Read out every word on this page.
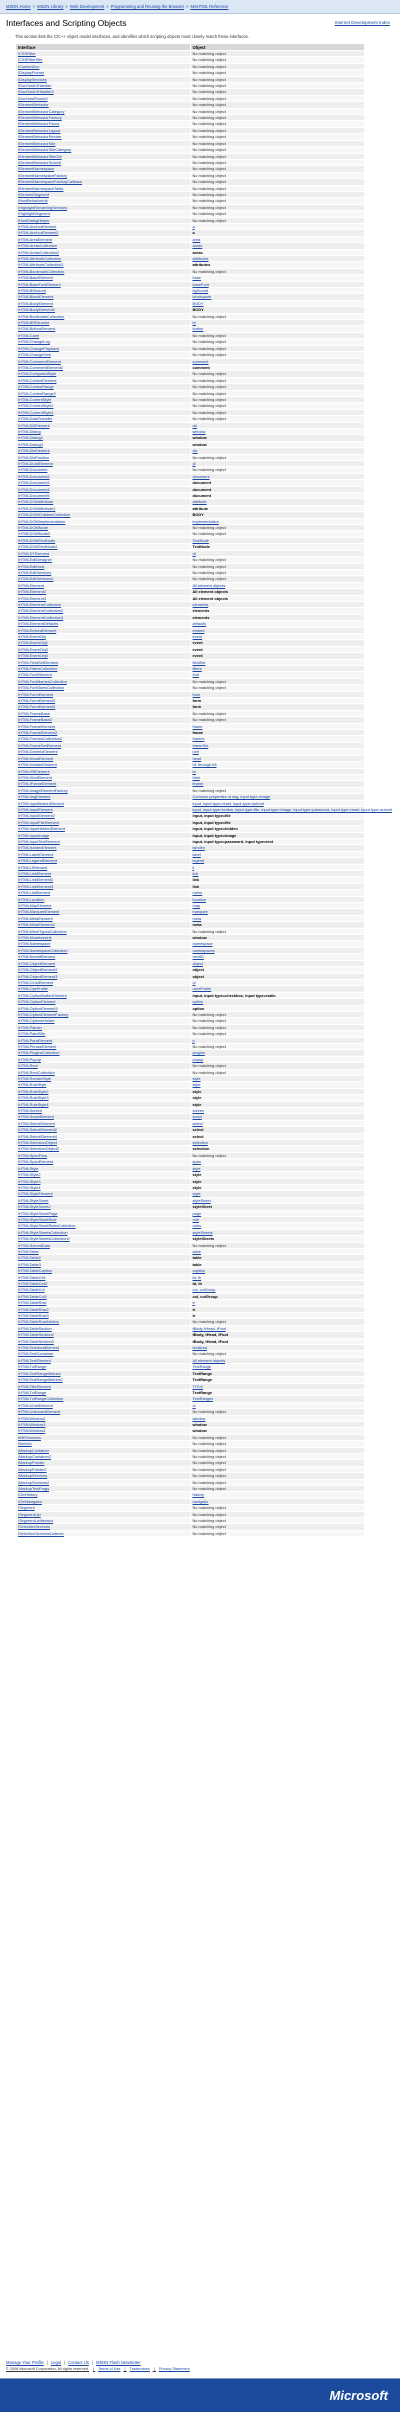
MSDN Home > MSDN Library > Web Development > Programming and Reusing the Browser > MSHTML Reference
Interfaces and Scripting Objects	Internet Development Index
This section lists the C/C++ object model interfaces, and identifies which scripting objects most closely match these interfaces.
Interface	Object
ICSSFilter	No matching object
ICSSFilterSite	No matching object
ICustomDoc	No matching object
IDisplayPointer	No matching object
IDisplayServices	No matching object
IDocHostUIHandler	No matching object
IDocHostUIHandler2	No matching object
IDocHostShowUI	No matching object
IElementBehavior	No matching object
IElementBehaviorCategory	No matching object
IElementBehaviorFactory	No matching object
IElementBehaviorFocus	No matching object
IElementBehaviorLayout	No matching object
IElementBehaviorRender	No matching object
IElementBehaviorSite	No matching object
IElementBehaviorSiteCategory	No matching object
IElementBehaviorSiteOM	No matching object
IElementBehaviorSubmit	No matching object
IElementNamespace	No matching object
IElementNamespaceFactory	No matching object
IElementNamespaceFactoryCallback	No matching object
IElementNamespaceTable	No matching object
IElementSegment	No matching object
IHostBehaviorInit	No matching object
IHighlightRenderingServices	No matching object
IHighlightSegment	No matching object
IHostDialogHelper	No matching object
IHTMLAnchorElement	a
IHTMLAnchorElement2	a
IHTMLAreaElement	area
IHTMLAreasCollection	areas
IHTMLAreasCollection2	areas
IHTMLAttributeCollection	attributes
IHTMLAttributeCollection2	attributes
IHTMLBookmarkCollection	No matching object
IHTMLBaseElement	base
IHTMLBaseFontElement	baseFont
IHTMLBGsound	bgSound
IHTMLBlockElement	blockquote
IHTMLBodyElement	BODY
IHTMLBodyElement2	BODY
IHTMLBookmarkCollection	No matching object
IHTMLBRElement	br
IHTMLButtonElement	button
IHTMLCaret	No matching object
IHTMLChangeLog	No matching object
IHTMLChangePlayback	No matching object
IHTMLChangeSink	No matching object
IHTMLCommentElement	comment
IHTMLCommentElement2	comment
IHTMLComputedStyle	No matching object
IHTMLControlElement	No matching object
IHTMLControlRange	No matching object
IHTMLControlRange2	No matching object
IHTMLCurrentStyle	No matching object
IHTMLCurrentStyle2	No matching object
IHTMLCurrentStyle3	No matching object
IHTMLDataTransfer	No matching object
IHTMLDDElement	dd
IHTMLDialog	window
IHTMLDialog2	window
IHTMLDialog3	window
IHTMLDivElement	div
IHTMLDivPosition	No matching object
IHTMLDListElement	dl
IHTMLDocument	No matching object
IHTMLDocument2	document
IHTMLDocument3	document
IHTMLDocument4	document
IHTMLDocument5	document
IHTMLDOMAttribute	attribute
IHTMLDOMAttribute2	attribute
IHTMLDOMChildrenCollection	BODY
IHTMLDOMImplementation	implementation
IHTMLDOMNode	No matching object
IHTMLDOMNode2	No matching object
IHTMLDOMTextNode	TextNode
IHTMLDOMTextNode2	TextNode
IHTMLDTElement	dt
IHTMLEditDesigner	No matching object
IHTMLEditHost	No matching object
IHTMLEditServices	No matching object
IHTMLEditServices2	No matching object
IHTMLElement	All element objects
IHTMLElement2	All element objects
IHTMLElement3	All element objects
IHTMLElementCollection	elements
IHTMLElementCollection2	elements
IHTMLElementCollection3	elements
IHTMLElementDefaults	defaults
IHTMLEmbedElement	embed
IHTMLEventObj	event
IHTMLEventObj2	event
IHTMLEventObj3	event
IHTMLEventObj4	event
IHTMLFieldSetElement	fieldSet
IHTMLFiltersCollection	filters
IHTMLFontElement	font
IHTMLFontNamesCollection	No matching object
IHTMLFontSizesCollection	No matching object
IHTMLFormElement	form
IHTMLFormElement2	form
IHTMLFormElement3	form
IHTMLFrameBase	No matching object
IHTMLFrameBase2	No matching object
IHTMLFrameElement	frame
IHTMLFrameElement2	frame
IHTMLFramesCollection2	frames
IHTMLFrameSetElement	frameSet
IHTMLGenericElement	unit
IHTMLHeadElement	head
IHTMLHeaderElement	h1 through h6
IHTMLHRElement	hr
IHTMLHtmlElement	html
IHTMLIFrameElement	iframe
IHTMLImageElementFactory	No matching object
IHTMLImgElement	Common properties of img, input type=image
IHTMLInputButtonElement	input, input type=reset, input type=submit
IHTMLInputElement	input, input type=button, input type=file, input type=image, input type=password, input type=reset, input type=submit
IHTMLInputElement2	input, input type=file
IHTMLInputFileElement	input, input type=file
IHTMLInputHiddenElement	input, input type=hidden
IHTMLInputImage	input, input type=image
IHTMLInputTextElement	input, input type=password, input type=text
IHTMLIsIndexElement	isIndex
IHTMLLabelElement	label
IHTMLLegendElement	legend
IHTMLLIElement	li
IHTMLLinkElement	link
IHTMLLinkElement2	link
IHTMLLinkElement3	link
IHTMLListElement	menu
IHTMLLocation	location
IHTMLMapElement	map
IHTMLMarqueeElement	marquee
IHTMLMetaElement	meta
IHTMLMetaElement2	meta
IHTMLMimeTypesCollection	No matching object
IHTMLModelessInit	window
IHTMLNamespace	namespace
IHTMLNamespaceCollection	namespaces
IHTMLNextIdElement	nextID
IHTMLObjectElement	object
IHTMLObjectElement2	object
IHTMLObjectElement3	object
IHTMLOListElement	ol
IHTMLOpsProfile	userProfile
IHTMLOptionButtonElement	input, input type=checkbox, input type=radio
IHTMLOptionElement	option
IHTMLOptionElement3	option
IHTMLOptionElementFactory	No matching object
IHTMLOptionsHolder	No matching object
IHTMLPainter	No matching object
IHTMLPaintSite	No matching object
IHTMLParaElement	p
IHTMLPhraseElement	No matching object
IHTMLPluginsCollection	plugins
IHTMLPopup	popup
IHTMLRect	No matching object
IHTMLRectCollection	No matching object
IHTMLRenderStyle	style
IHTMLRuleStyle	style
IHTMLRuleStyle2	style
IHTMLRuleStyle3	style
IHTMLRuleStyle4	style
IHTMLScreen	screen
IHTMLScriptElement	script
IHTMLSelectElement	select
IHTMLSelectElement2	select
IHTMLSelectElement4	select
IHTMLSelectionObject	selection
IHTMLSelectionObject2	selection
IHTMLSpanFlow	No matching object
IHTMLSpanElement	span
IHTMLStyle	style
IHTMLStyle2	style
IHTMLStyle3	style
IHTMLStyle4	style
IHTMLStyleElement	style
IHTMLStyleSheet	styleSheet
IHTMLStyleSheet2	styleSheet
IHTMLStyleSheetPage	page
IHTMLStyleSheetRule	rule
IHTMLStyleSheetRulesCollection	rules
IHTMLStyleSheetsCollection	styleSheets
IHTMLStyleSheetsCollection2	styleSheets
IHTMLSubmitData	No matching object
IHTMLTable	table
IHTMLTable2	table
IHTMLTable3	table
IHTMLTableCaption	caption
IHTMLTableCell	td, th
IHTMLTableCell2	td, th
IHTMLTableCol	col, colGroup
IHTMLTableCol2	col, colGroup
IHTMLTableRow	tr
IHTMLTableRow2	tr
IHTMLTableRow3	tr
IHTMLTableRowMetrics	No matching object
IHTMLTableSection	tBody, tHead, tFoot
IHTMLTableSection2	tBody, tHead, tFoot
IHTMLTableSection3	tBody, tHead, tFoot
IHTMLTextAreaElement	textArea
IHTMLTextContainer	No matching object
IHTMLTextElement	All element objects
IHTMLTxtRange	TextRange
IHTMLTextRangeMetrics	TextRange
IHTMLTextRangeMetrics2	TextRange
IHTMLTitleElement	TITLE
IHTMLTxtRange	TextRange
IHTMLTxtRangeCollection	TextRanges
IHTMLUListElement	ul
IHTMLUnknownElement	No matching object
IHTMLWindow2	window
IHTMLWindow3	window
IHTMLWindow4	window
IIMEServices	No matching object
IlineInfo	No matching object
IMarkupContainer	No matching object
IMarkupContainer2	No matching object
IMarkupPointer	No matching object
IMarkupPointer2	No matching object
IMarkupServices	No matching object
IMarkupServices2	No matching object
IMarkupTextFrags	No matching object
IOmHistory	history
IOmNavigator	navigator
ISegment	No matching object
ISegmentList	No matching object
ISegmentListIterator	No matching object
ISelectionServices	No matching object
ISelectionServicesListener	No matching object
Manage Your Profile | Legal | Contact Us | MSDN Flash Newsletter
© 2006 Microsoft Corporation. All rights reserved. | Terms of Use | Trademarks | Privacy Statement
Microsoft
